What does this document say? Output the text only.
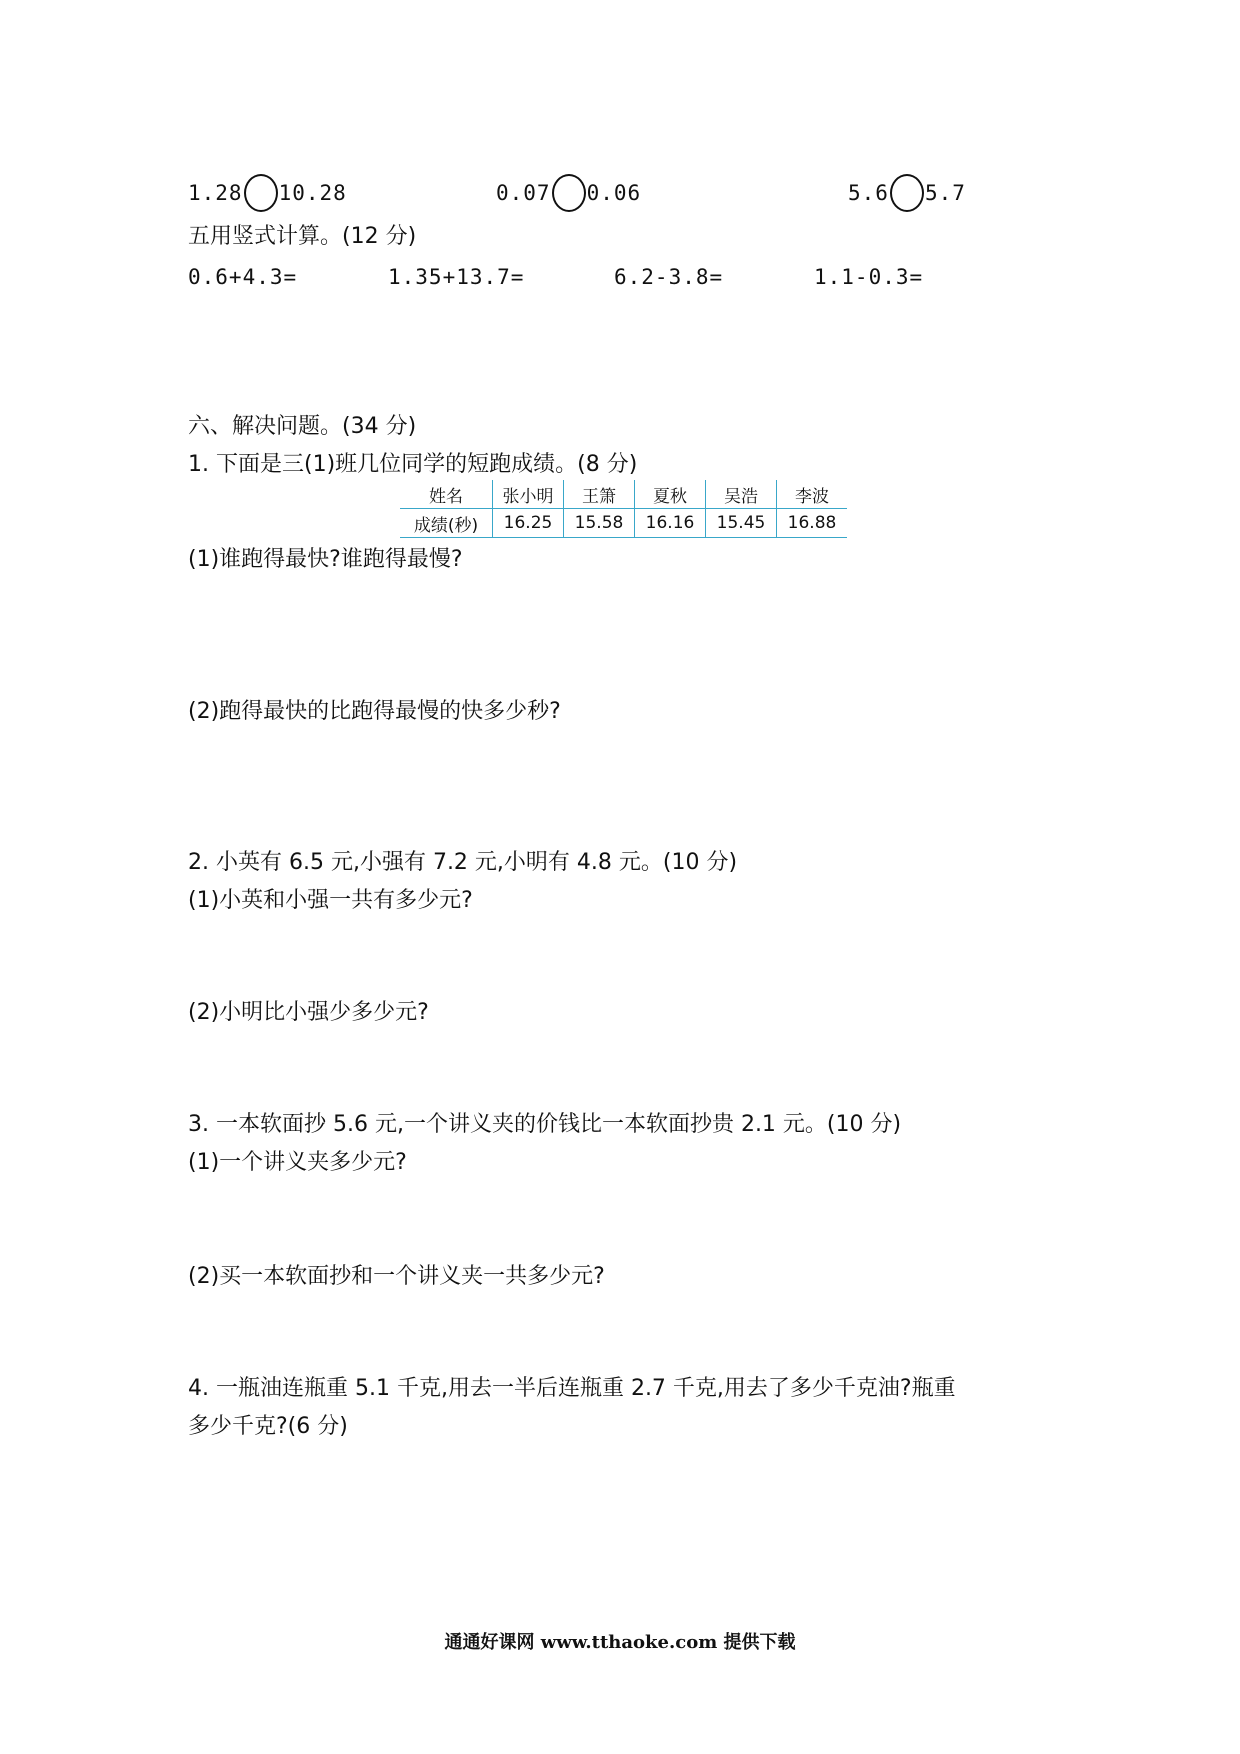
1.28 10.28	0.07 0.06	5.6 5.7
五用竖式计算。(12 分)
0.6+4.3=	1.35+13.7=	6.2-3.8=	1.1-0.3=
六、解决问题。(34 分)
1. 下面是三(1)班几位同学的短跑成绩。(8 分)
姓名	张小明	王箫	夏秋	吴浩	李波
成绩(秒)	16.25	15.58	16.16	15.45	16.88
(1)谁跑得最快?谁跑得最慢?
(2)跑得最快的比跑得最慢的快多少秒?
2. 小英有 6.5 元,小强有 7.2 元,小明有 4.8 元。(10 分)
(1)小英和小强一共有多少元?
(2)小明比小强少多少元?
3. 一本软面抄 5.6 元,一个讲义夹的价钱比一本软面抄贵 2.1 元。(10 分)
(1)一个讲义夹多少元?
(2)买一本软面抄和一个讲义夹一共多少元?
4. 一瓶油连瓶重 5.1 千克,用去一半后连瓶重 2.7 千克,用去了多少千克油?瓶重
多少千克?(6 分)
通通好课网 www.tthaoke.com 提供下载
